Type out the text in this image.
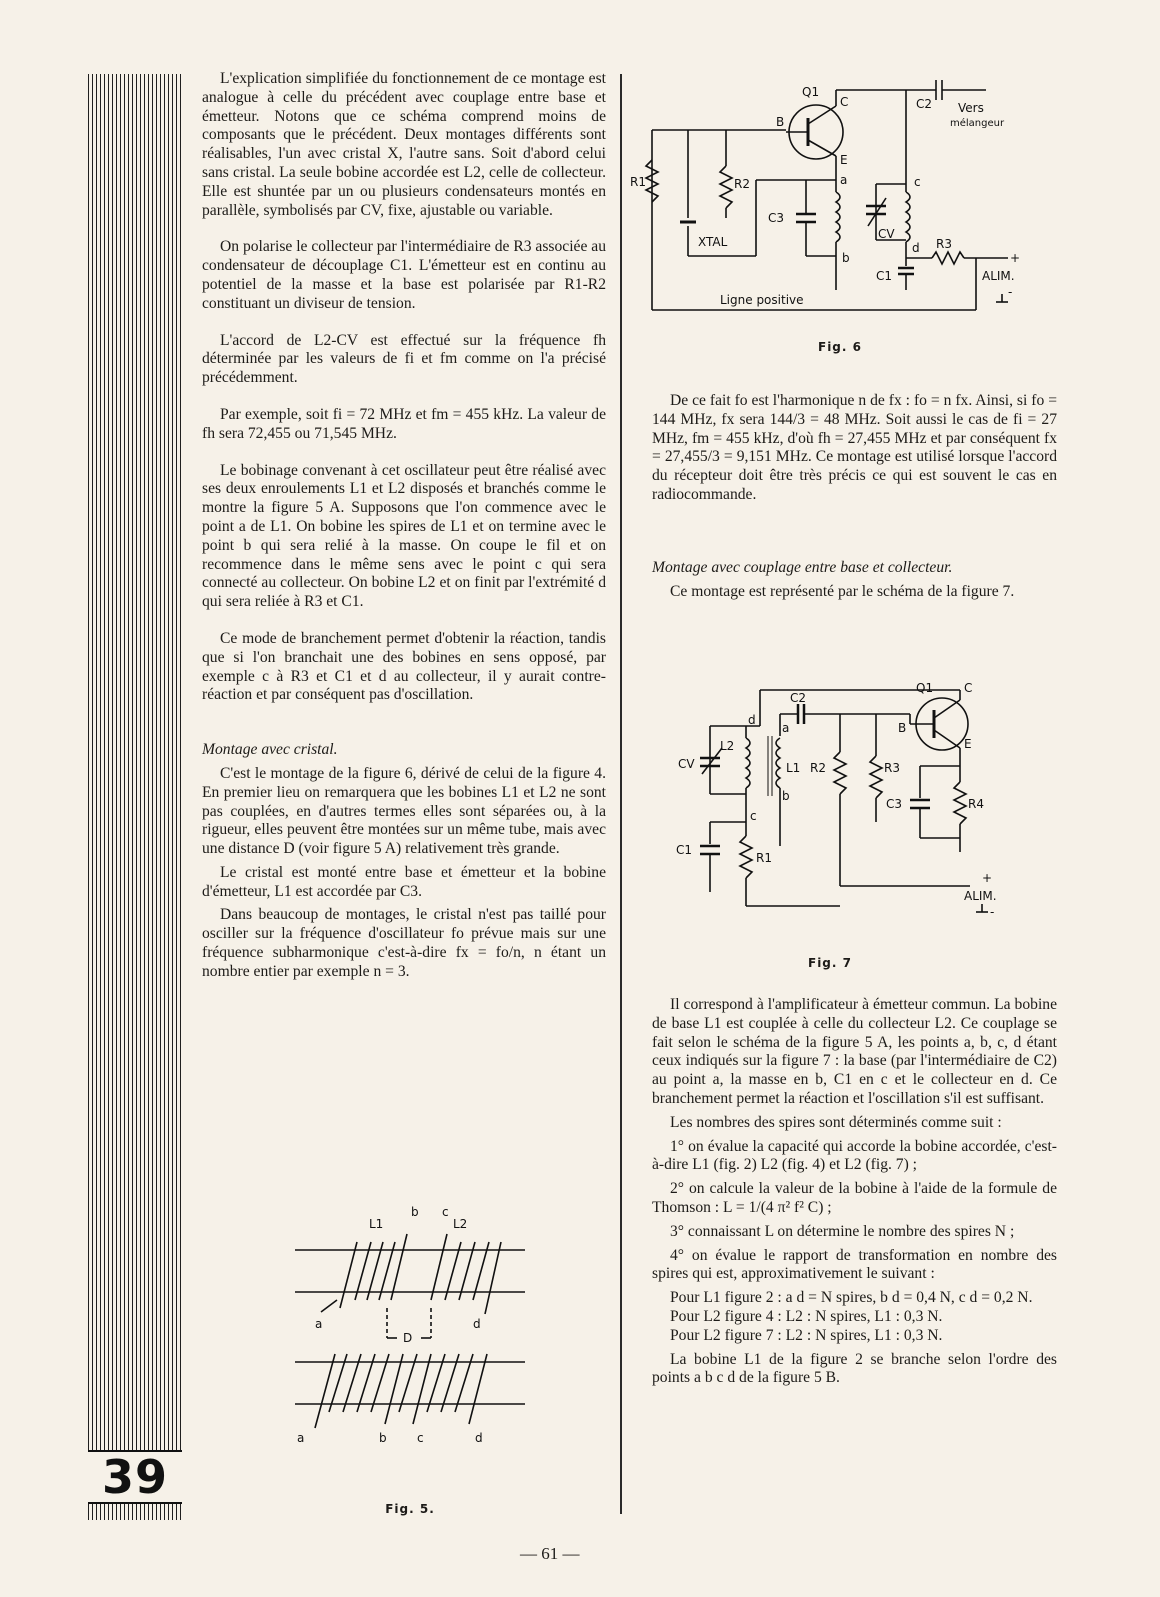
39

L'explication simplifiée du fonctionnement de ce montage est analogue à celle du précédent avec couplage entre base et émetteur. Notons que ce schéma comprend moins de composants que le précédent. Deux montages différents sont réalisables, l'un avec cristal X, l'autre sans. Soit d'abord celui sans cristal. La seule bobine accordée est L2, celle de collecteur. Elle est shuntée par un ou plusieurs condensateurs montés en parallèle, symbolisés par CV, fixe, ajustable ou variable.

On polarise le collecteur par l'intermédiaire de R3 associée au condensateur de découplage C1. L'émetteur est en continu au potentiel de la masse et la base est polarisée par R1-R2 constituant un diviseur de tension.

L'accord de L2-CV est effectué sur la fréquence fh déterminée par les valeurs de fi et fm comme on l'a précisé précédemment.

Par exemple, soit fi = 72 MHz et fm = 455 kHz. La valeur de fh sera 72,455 ou 71,545 MHz.

Le bobinage convenant à cet oscillateur peut être réalisé avec ses deux enroulements L1 et L2 disposés et branchés comme le montre la figure 5 A. Supposons que l'on commence avec le point a de L1. On bobine les spires de L1 et on termine avec le point b qui sera relié à la masse. On coupe le fil et on recommence dans le même sens avec le point c qui sera connecté au collecteur. On bobine L2 et on finit par l'extrémité d qui sera reliée à R3 et C1.

Ce mode de branchement permet d'obtenir la réaction, tandis que si l'on branchait une des bobines en sens opposé, par exemple c à R3 et C1 et d au collecteur, il y aurait contre-réaction et par conséquent pas d'oscillation.

Montage avec cristal.

C'est le montage de la figure 6, dérivé de celui de la figure 4. En premier lieu on remarquera que les bobines L1 et L2 ne sont pas couplées, en d'autres termes elles sont séparées ou, à la rigueur, elles peuvent être montées sur un même tube, mais avec une distance D (voir figure 5 A) relativement très grande.

Le cristal est monté entre base et émetteur et la bobine d'émetteur, L1 est accordée par C3.

Dans beaucoup de montages, le cristal n'est pas taillé pour osciller sur la fréquence d'oscillateur fo prévue mais sur une fréquence subharmonique c'est-à-dire fx = fo/n, n étant un nombre entier par exemple n = 3.

L1
b c
L2
a	d
D
a	b	c	d
Fig. 5.
Q1
C
B
E
C2 Vers
mélangeur
R1	R2
C3
XTAL
a
b
c
CV
d R3
+
C1	ALIM.
-
Ligne positive
Fig. 6

De ce fait fo est l'harmonique n de fx : fo = n fx. Ainsi, si fo = 144 MHz, fx sera 144/3 = 48 MHz. Soit aussi le cas de fi = 27 MHz, fm = 455 kHz, d'où fh = 27,455 MHz et par conséquent fx = 27,455/3 = 9,151 MHz. Ce montage est utilisé lorsque l'accord du récepteur doit être très précis ce qui est souvent le cas en radiocommande.

Montage avec couplage entre base et collecteur.

Ce montage est représenté par le schéma de la figure 7.

Q1	C
C2
B
E
d
a
L2
CV	L1 R2	R3
b
C3	R4
c
C1
R1
+
ALIM.
-
Fig. 7

Il correspond à l'amplificateur à émetteur commun. La bobine de base L1 est couplée à celle du collecteur L2. Ce couplage se fait selon le schéma de la figure 5 A, les points a, b, c, d étant ceux indiqués sur la figure 7 : la base (par l'intermédiaire de C2) au point a, la masse en b, C1 en c et le collecteur en d. Ce branchement permet la réaction et l'oscillation s'il est suffisant.

Les nombres des spires sont déterminés comme suit :

1° on évalue la capacité qui accorde la bobine accordée, c'est-à-dire L1 (fig. 2) L2 (fig. 4) et L2 (fig. 7) ;

2° on calcule la valeur de la bobine à l'aide de la formule de Thomson : L = 1/(4 π² f² C) ;

3° connaissant L on détermine le nombre des spires N ;

4° on évalue le rapport de transformation en nombre des spires qui est, approximativement le suivant :

Pour L1 figure 2 : a d = N spires, b d = 0,4 N, c d = 0,2 N.

Pour L2 figure 4 : L2 : N spires, L1 : 0,3 N.

Pour L2 figure 7 : L2 : N spires, L1 : 0,3 N.

La bobine L1 de la figure 2 se branche selon l'ordre des points a b c d de la figure 5 B.

— 61 —
